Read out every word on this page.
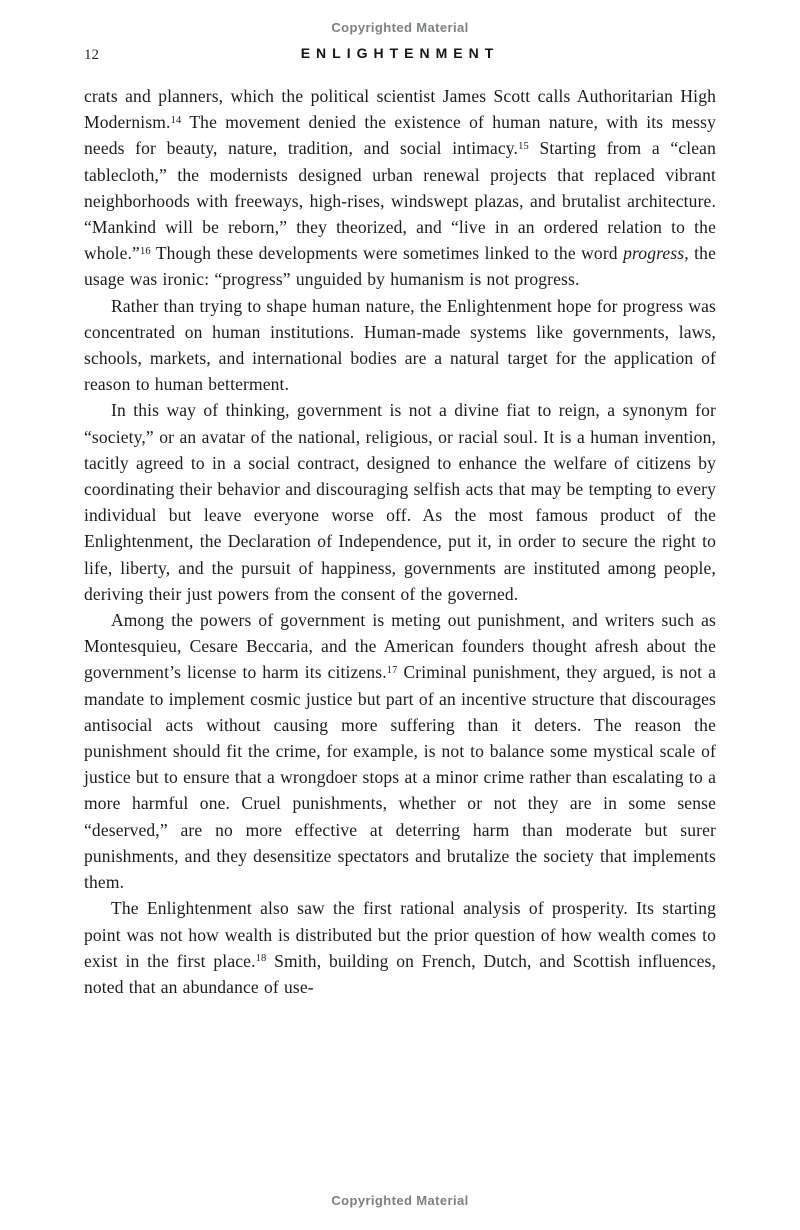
Copyrighted Material
12	ENLIGHTENMENT

crats and planners, which the political scientist James Scott calls Authoritarian High Modernism.$^{14}$ The movement denied the existence of human nature, with its messy needs for beauty, nature, tradition, and social intimacy.$^{15}$ Starting from a “clean tablecloth,” the modernists designed urban renewal projects that replaced vibrant neighborhoods with freeways, high-rises, windswept plazas, and brutalist architecture. “Mankind will be reborn,” they theorized, and “live in an ordered relation to the whole.”$^{16}$ Though these developments were sometimes linked to the word progress, the usage was ironic: “progress” unguided by humanism is not progress.

Rather than trying to shape human nature, the Enlightenment hope for progress was concentrated on human institutions. Human-made systems like governments, laws, schools, markets, and international bodies are a natural target for the application of reason to human betterment.

In this way of thinking, government is not a divine fiat to reign, a synonym for “society,” or an avatar of the national, religious, or racial soul. It is a human invention, tacitly agreed to in a social contract, designed to enhance the welfare of citizens by coordinating their behavior and discouraging selfish acts that may be tempting to every individual but leave everyone worse off. As the most famous product of the Enlightenment, the Declaration of Independence, put it, in order to secure the right to life, liberty, and the pursuit of happiness, governments are instituted among people, deriving their just powers from the consent of the governed.

Among the powers of government is meting out punishment, and writers such as Montesquieu, Cesare Beccaria, and the American founders thought afresh about the government’s license to harm its citizens.$^{17}$ Criminal punishment, they argued, is not a mandate to implement cosmic justice but part of an incentive structure that discourages antisocial acts without causing more suffering than it deters. The reason the punishment should fit the crime, for example, is not to balance some mystical scale of justice but to ensure that a wrongdoer stops at a minor crime rather than escalating to a more harmful one. Cruel punishments, whether or not they are in some sense “deserved,” are no more effective at deterring harm than moderate but surer punishments, and they desensitize spectators and brutalize the society that implements them.

The Enlightenment also saw the first rational analysis of prosperity. Its starting point was not how wealth is distributed but the prior question of how wealth comes to exist in the first place.$^{18}$ Smith, building on French, Dutch, and Scottish influences, noted that an abundance of use-

Copyrighted Material
